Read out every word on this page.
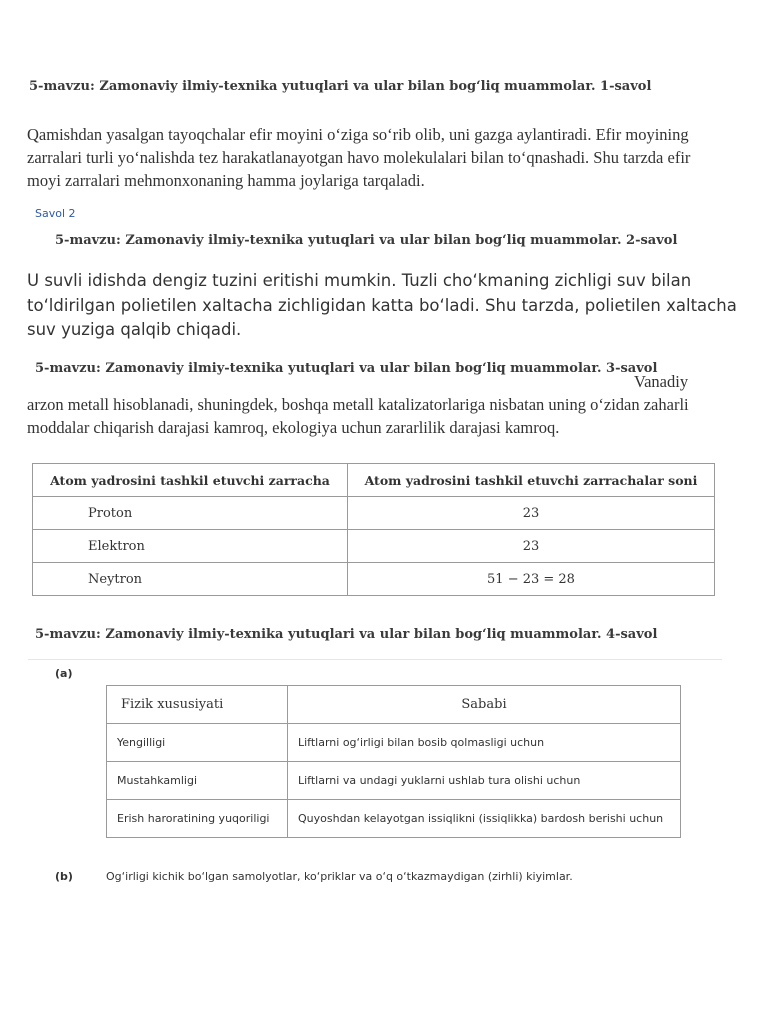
5-mavzu: Zamonaviy ilmiy-texnika yutuqlari va ular bilan bog‘liq muammolar. 1-savol
Qamishdan yasalgan tayoqchalar efir moyini o‘ziga so‘rib olib, uni gazga aylantiradi. Efir moyining zarralari turli yo‘nalishda tez harakatlanayotgan havo molekulalari bilan to‘qnashadi. Shu tarzda efir moyi zarralari mehmonxonaning hamma joylariga tarqaladi.
Savol 2
5-mavzu: Zamonaviy ilmiy-texnika yutuqlari va ular bilan bog‘liq muammolar. 2-savol
U suvli idishda dengiz tuzini eritishi mumkin. Tuzli cho‘kmaning zichligi suv bilan to‘ldirilgan polietilen xaltacha zichligidan katta bo‘ladi. Shu tarzda, polietilen xaltacha suv yuziga qalqib chiqadi.
5-mavzu: Zamonaviy ilmiy-texnika yutuqlari va ular bilan bog‘liq muammolar. 3-savol
Vanadiy
arzon metall hisoblanadi, shuningdek, boshqa metall katalizatorlariga nisbatan uning o‘zidan zaharli moddalar chiqarish darajasi kamroq, ekologiya uchun zararlilik darajasi kamroq.
Atom yadrosini tashkil etuvchi zarracha	Atom yadrosini tashkil etuvchi zarrachalar soni
Proton	23
Elektron	23
Neytron	51 − 23 = 28
5-mavzu: Zamonaviy ilmiy-texnika yutuqlari va ular bilan bog‘liq muammolar. 4-savol
(a)
Fizik xususiyati	Sababi
Yengilligi	Liftlarni og‘irligi bilan bosib qolmasligi uchun
Mustahkamligi	Liftlarni va undagi yuklarni ushlab tura olishi uchun
Erish haroratining yuqoriligi	Quyoshdan kelayotgan issiqlikni (issiqlikka) bardosh berishi uchun
(b)	Og‘irligi kichik bo‘lgan samolyotlar, ko‘priklar va o‘q o‘tkazmaydigan (zirhli) kiyimlar.
